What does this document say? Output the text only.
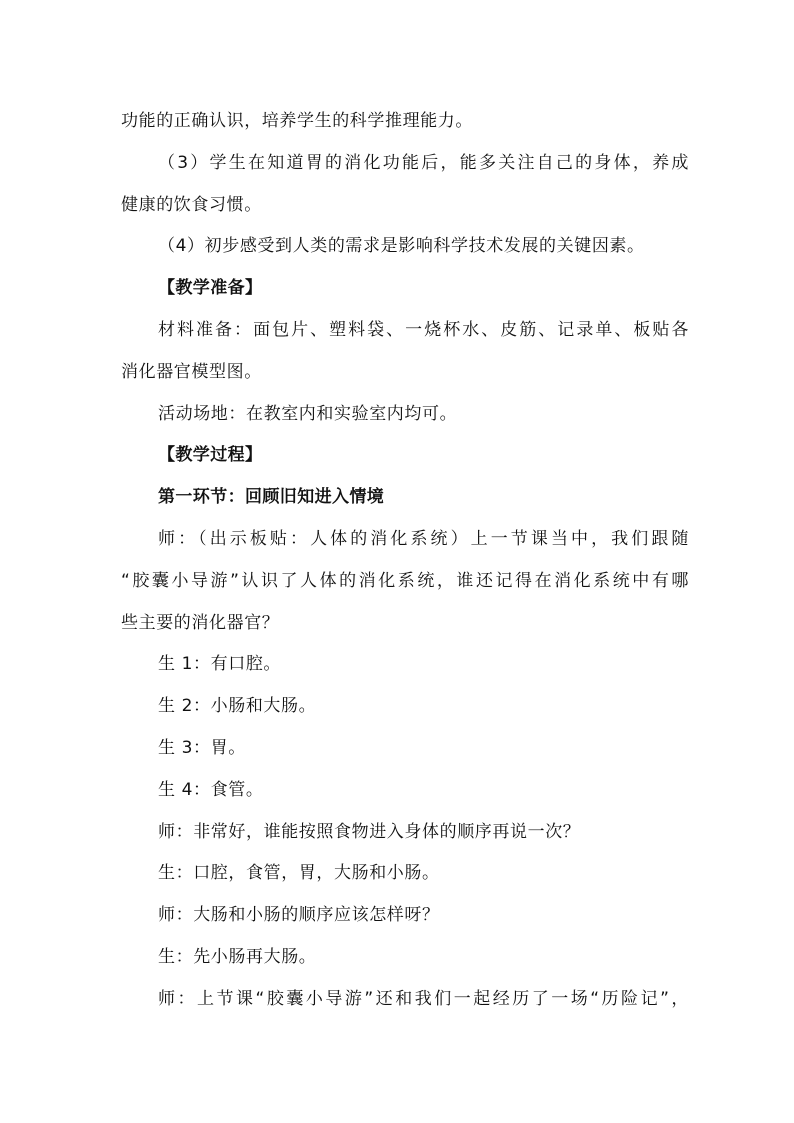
功能的正确认识，培养学生的科学推理能力。
（3）学生在知道胃的消化功能后，能多关注自己的身体，养成
健康的饮食习惯。
（4）初步感受到人类的需求是影响科学技术发展的关键因素。
【教学准备】
材料准备：面包片、塑料袋、一烧杯水、皮筋、记录单、板贴各
消化器官模型图。
活动场地：在教室内和实验室内均可。
【教学过程】
第一环节：回顾旧知进入情境
师：（出示板贴：人体的消化系统）上一节课当中，我们跟随
“胶囊小导游”认识了人体的消化系统，谁还记得在消化系统中有哪
些主要的消化器官？
生 1：有口腔。
生 2：小肠和大肠。
生 3：胃。
生 4：食管。
师：非常好，谁能按照食物进入身体的顺序再说一次？
生：口腔，食管，胃，大肠和小肠。
师：大肠和小肠的顺序应该怎样呀？
生：先小肠再大肠。
师：上节课“胶囊小导游”还和我们一起经历了一场“历险记”，
